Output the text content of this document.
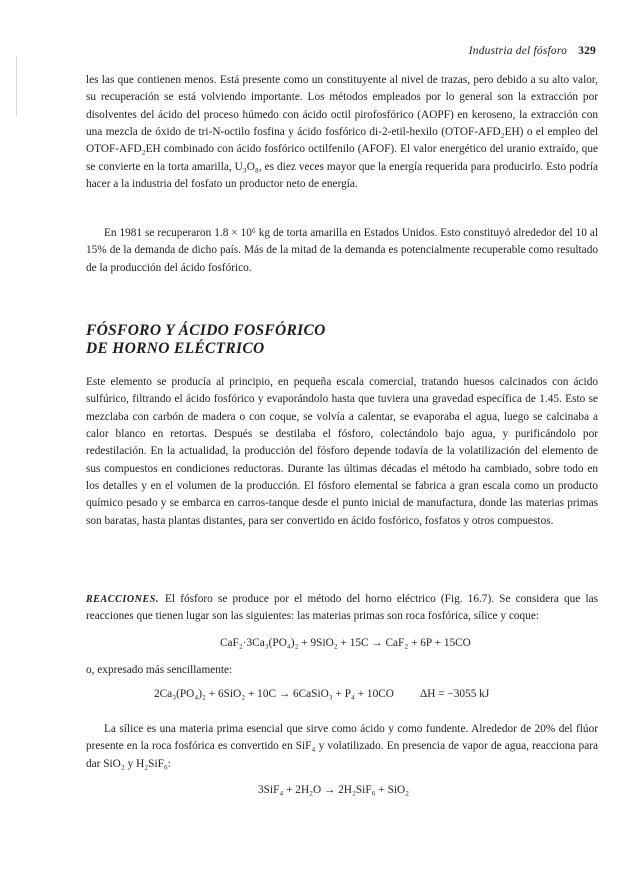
Industria del fósforo 329

les las que contienen menos. Está presente como un constituyente al nivel de trazas, pero debido a su alto valor, su recuperación se está volviendo importante. Los métodos empleados por lo general son la extracción por disolventes del ácido del proceso húmedo con ácido octil pirofosfórico (AOPF) en keroseno, la extracción con una mezcla de óxido de tri-N-octilo fosfina y ácido fosfórico di-2-etil-hexilo (OTOF-AFD₂EH) o el empleo del OTOF-AFD₂EH combinado con ácido fosfórico octilfenilo (AFOF). El valor energético del uranio extraído, que se convierte en la torta amarilla, U₃O₈, es diez veces mayor que la energía requerida para producirlo. Esto podría hacer a la industria del fosfato un productor neto de energía.

En 1981 se recuperaron 1.8 × 10⁶ kg de torta amarilla en Estados Unidos. Esto constituyó alrededor del 10 al 15% de la demanda de dicho país. Más de la mitad de la demanda es potencialmente recuperable como resultado de la producción del ácido fosfórico.

FÓSFORO Y ÁCIDO FOSFÓRICO
DE HORNO ELÉCTRICO

Este elemento se producía al principio, en pequeña escala comercial, tratando huesos calcinados con ácido sulfúrico, filtrando el ácido fosfórico y evaporándolo hasta que tuviera una gravedad específica de 1.45. Esto se mezclaba con carbón de madera o con coque, se volvía a calentar, se evaporaba el agua, luego se calcinaba a calor blanco en retortas. Después se destilaba el fósforo, colectándolo bajo agua, y purificándolo por redestilación. En la actualidad, la producción del fósforo depende todavía de la volatilización del elemento de sus compuestos en condiciones reductoras. Durante las últimas décadas el método ha cambiado, sobre todo en los detalles y en el volumen de la producción. El fósforo elemental se fabrica a gran escala como un producto químico pesado y se embarca en carros-tanque desde el punto inicial de manufactura, donde las materias primas son baratas, hasta plantas distantes, para ser convertido en ácido fosfórico, fosfatos y otros compuestos.

REACCIONES. El fósforo se produce por el método del horno eléctrico (Fig. 16.7). Se considera que las reacciones que tienen lugar son las siguientes: las materias primas son roca fosfórica, sílice y coque:

CaF₂·3Ca₃(PO₄)₂ + 9SiO₂ + 15C → CaF₂ + 6P + 15CO

o, expresado más sencillamente:

2Ca₃(PO₄)₂ + 6SiO₂ + 10C → 6CaSiO₃ + P₄ + 10CO ΔH = −3055 kJ

La sílice es una materia prima esencial que sirve como ácido y como fundente. Alrededor de 20% del flúor presente en la roca fosfórica es convertido en SiF₄ y volatilizado. En presencia de vapor de agua, reacciona para dar SiO₂ y H₂SiF₆:

3SiF₄ + 2H₂O → 2H₂SiF₆ + SiO₂
